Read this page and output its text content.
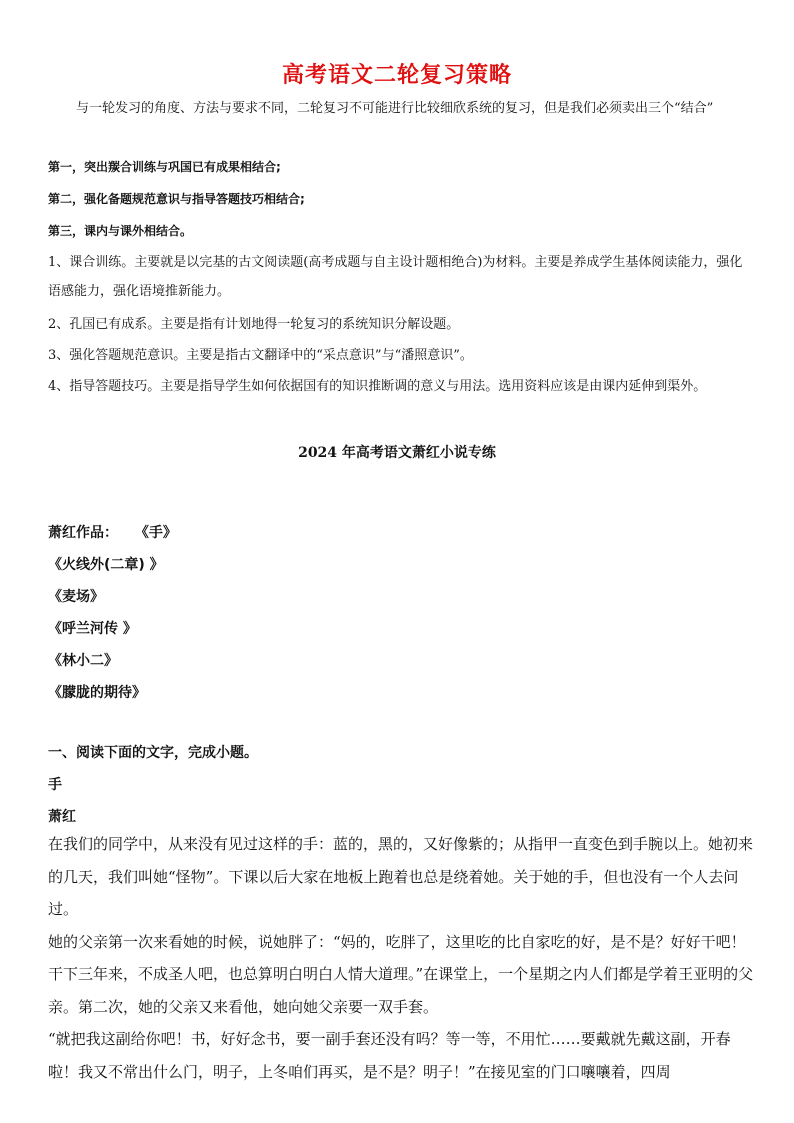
高考语文二轮复习策略
与一轮发习的角度、方法与要求不同，二轮复习不可能进行比较细欣系统的复习，但是我们必须卖出三个“结合”
第一，突出羰合训练与巩国已有成果相结合;
第二，强化备题规范意识与指导答题技巧相结合;
第三，课内与课外相结合。
1、课合训练。主要就是以完基的古文阅读题(高考成题与自主设计题相绝合)为材料。主要是养成学生基体阅读能力，强化语感能力，强化语境推新能力。
2、孔国已有成系。主要是指有计划地得一轮复习的系统知识分解设题。
3、强化答题规范意识。主要是指古文翻译中的“采点意识”与“潘照意识”。
4、指导答题技巧。主要是指导学生如何依据国有的知识推断调的意义与用法。选用资料应该是由课内延伸到渠外。
2024 年高考语文萧红小说专练
萧红作品： 《手》
《火线外(二章) 》
《麦场》
《呼兰河传 》
《林小二》
《朦胧的期待》
一、阅读下面的文字，完成小题。
手
萧红

在我们的同学中，从来没有见过这样的手：蓝的，黑的，又好像紫的；从指甲一直变色到手腕以上。她初来的几天，我们叫她“怪物”。下课以后大家在地板上跑着也总是绕着她。关于她的手，但也没有一个人去问过。

她的父亲第一次来看她的时候，说她胖了：“妈的，吃胖了，这里吃的比自家吃的好，是不是？好好干吧！干下三年来，不成圣人吧，也总算明白明白人情大道理。”在课堂上，一个星期之内人们都是学着王亚明的父亲。第二次，她的父亲又来看他，她向她父亲要一双手套。

“就把我这副给你吧！书，好好念书，要一副手套还没有吗？等一等，不用忙……要戴就先戴这副，开春啦！我又不常出什么门，明子，上冬咱们再买，是不是？明子！”在接见室的门口嚷嚷着，四周
